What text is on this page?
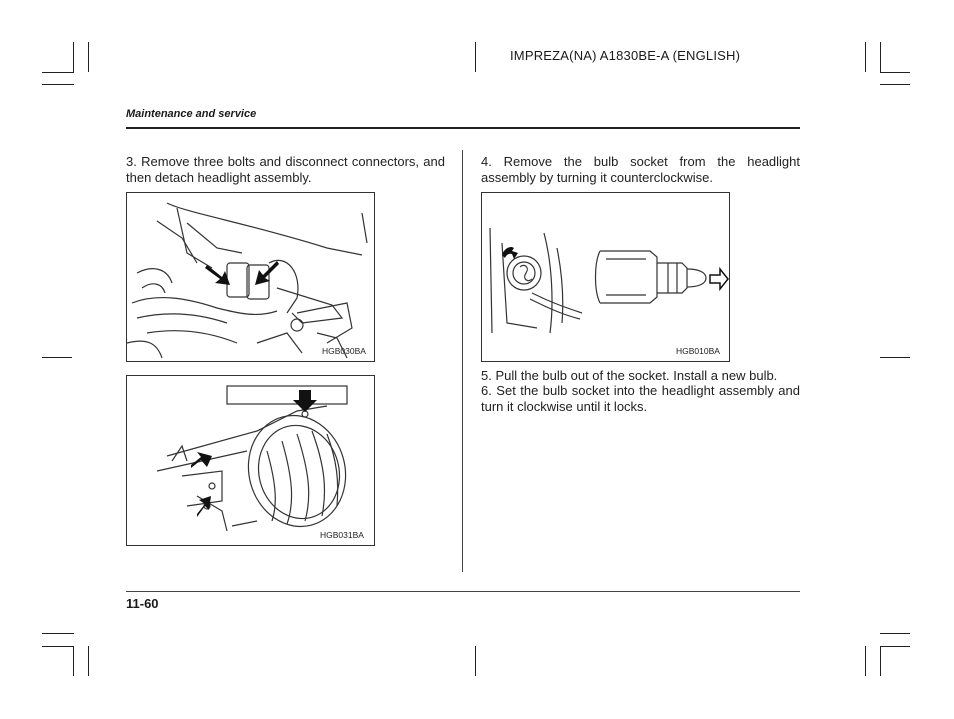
IMPREZA(NA) A1830BE-A (ENGLISH)
Maintenance and service
3. Remove three bolts and disconnect connectors, and then detach headlight assembly.
HGB030BA
HGB031BA
4. Remove the bulb socket from the headlight assembly by turning it counterclockwise.
HGB010BA
5. Pull the bulb out of the socket. Install a new bulb.
6. Set the bulb socket into the headlight assembly and turn it clockwise until it locks.
11-60
